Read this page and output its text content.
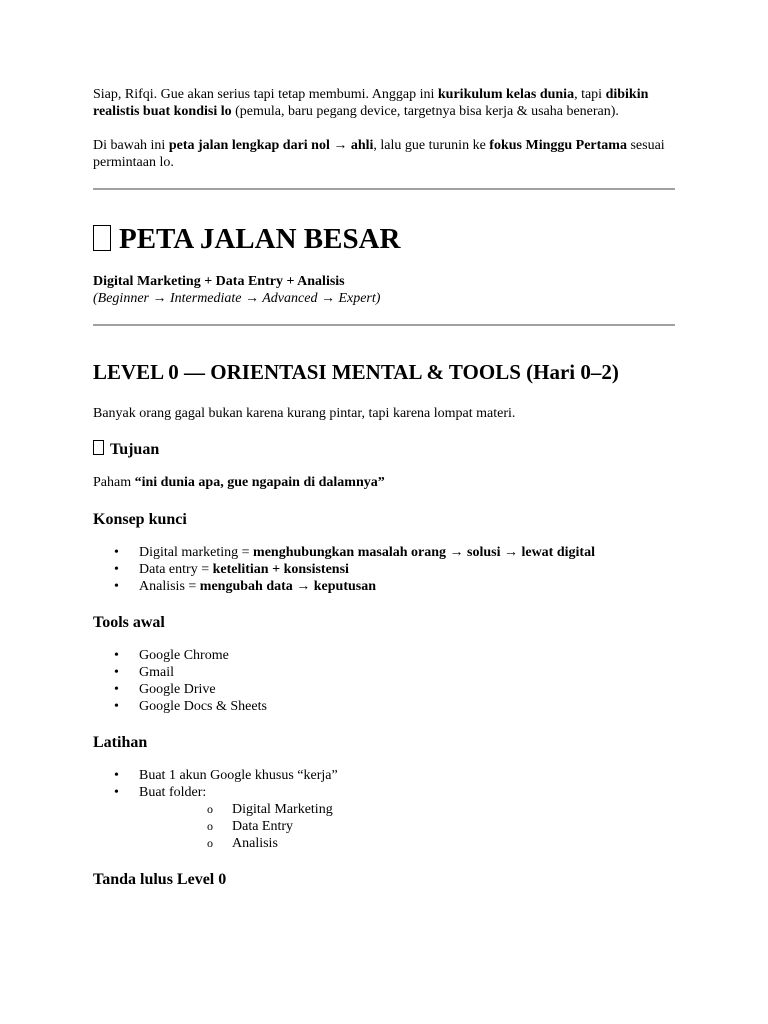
Siap, Rifqi. Gue akan serius tapi tetap membumi. Anggap ini kurikulum kelas dunia, tapi dibikin realistis buat kondisi lo (pemula, baru pegang device, targetnya bisa kerja & usaha beneran).

Di bawah ini peta jalan lengkap dari nol → ahli, lalu gue turunin ke fokus Minggu Pertama sesuai permintaan lo.

PETA JALAN BESAR
Digital Marketing + Data Entry + Analisis
(Beginner → Intermediate → Advanced → Expert)
LEVEL 0 — ORIENTASI MENTAL & TOOLS (Hari 0–2)

Banyak orang gagal bukan karena kurang pintar, tapi karena lompat materi.

Tujuan

Paham “ini dunia apa, gue ngapain di dalamnya”

Konsep kunci
• Digital marketing = menghubungkan masalah orang → solusi → lewat digital
• Data entry = ketelitian + konsistensi
• Analisis = mengubah data → keputusan
Tools awal
• Google Chrome
• Gmail
• Google Drive
• Google Docs & Sheets
Latihan
• Buat 1 akun Google khusus “kerja”
• Buat folder:
o Digital Marketing
o Data Entry
o Analisis
Tanda lulus Level 0
